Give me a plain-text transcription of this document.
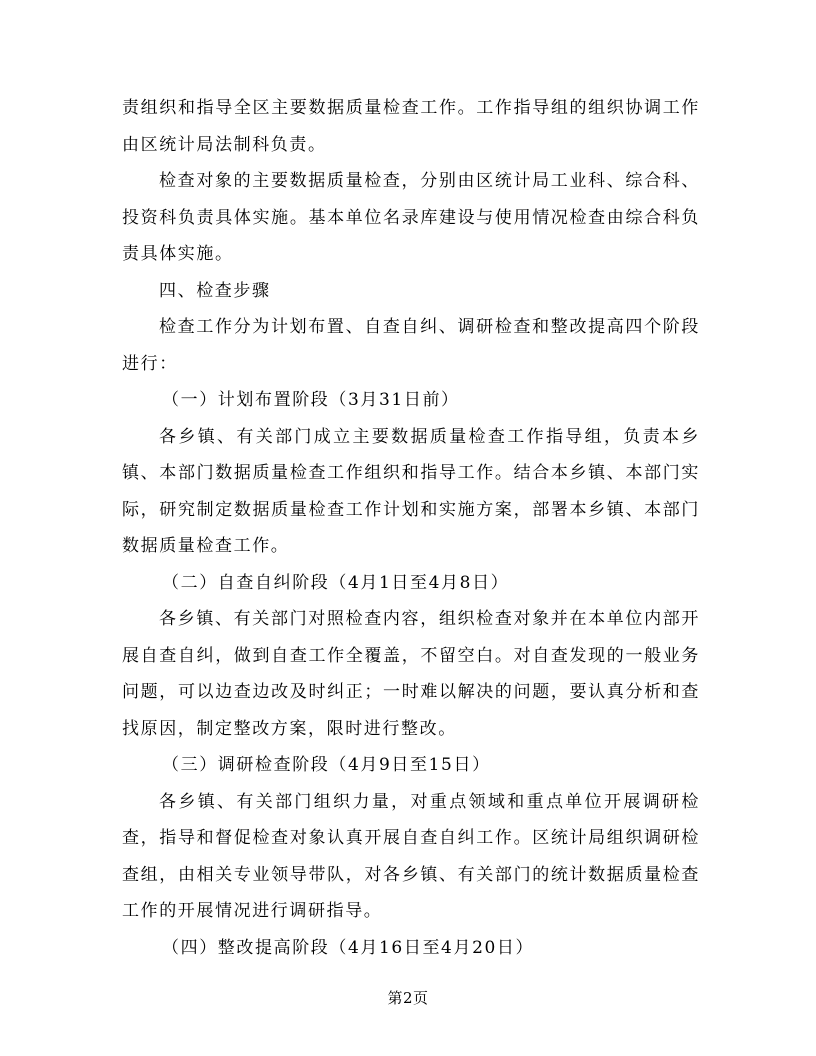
责组织和指导全区主要数据质量检查工作。工作指导组的组织协调工作由区统计局法制科负责。

检查对象的主要数据质量检查，分别由区统计局工业科、综合科、投资科负责具体实施。基本单位名录库建设与使用情况检查由综合科负责具体实施。

四、检查步骤

检查工作分为计划布置、自查自纠、调研检查和整改提高四个阶段进行：

（一）计划布置阶段（3月31日前）

各乡镇、有关部门成立主要数据质量检查工作指导组，负责本乡镇、本部门数据质量检查工作组织和指导工作。结合本乡镇、本部门实际，研究制定数据质量检查工作计划和实施方案，部署本乡镇、本部门数据质量检查工作。

（二）自查自纠阶段（4月1日至4月8日）

各乡镇、有关部门对照检查内容，组织检查对象并在本单位内部开展自查自纠，做到自查工作全覆盖，不留空白。对自查发现的一般业务问题，可以边查边改及时纠正；一时难以解决的问题，要认真分析和查找原因，制定整改方案，限时进行整改。

（三）调研检查阶段（4月9日至15日）

各乡镇、有关部门组织力量，对重点领域和重点单位开展调研检查，指导和督促检查对象认真开展自查自纠工作。区统计局组织调研检查组，由相关专业领导带队，对各乡镇、有关部门的统计数据质量检查工作的开展情况进行调研指导。

（四）整改提高阶段（4月16日至4月20日）

第2页
